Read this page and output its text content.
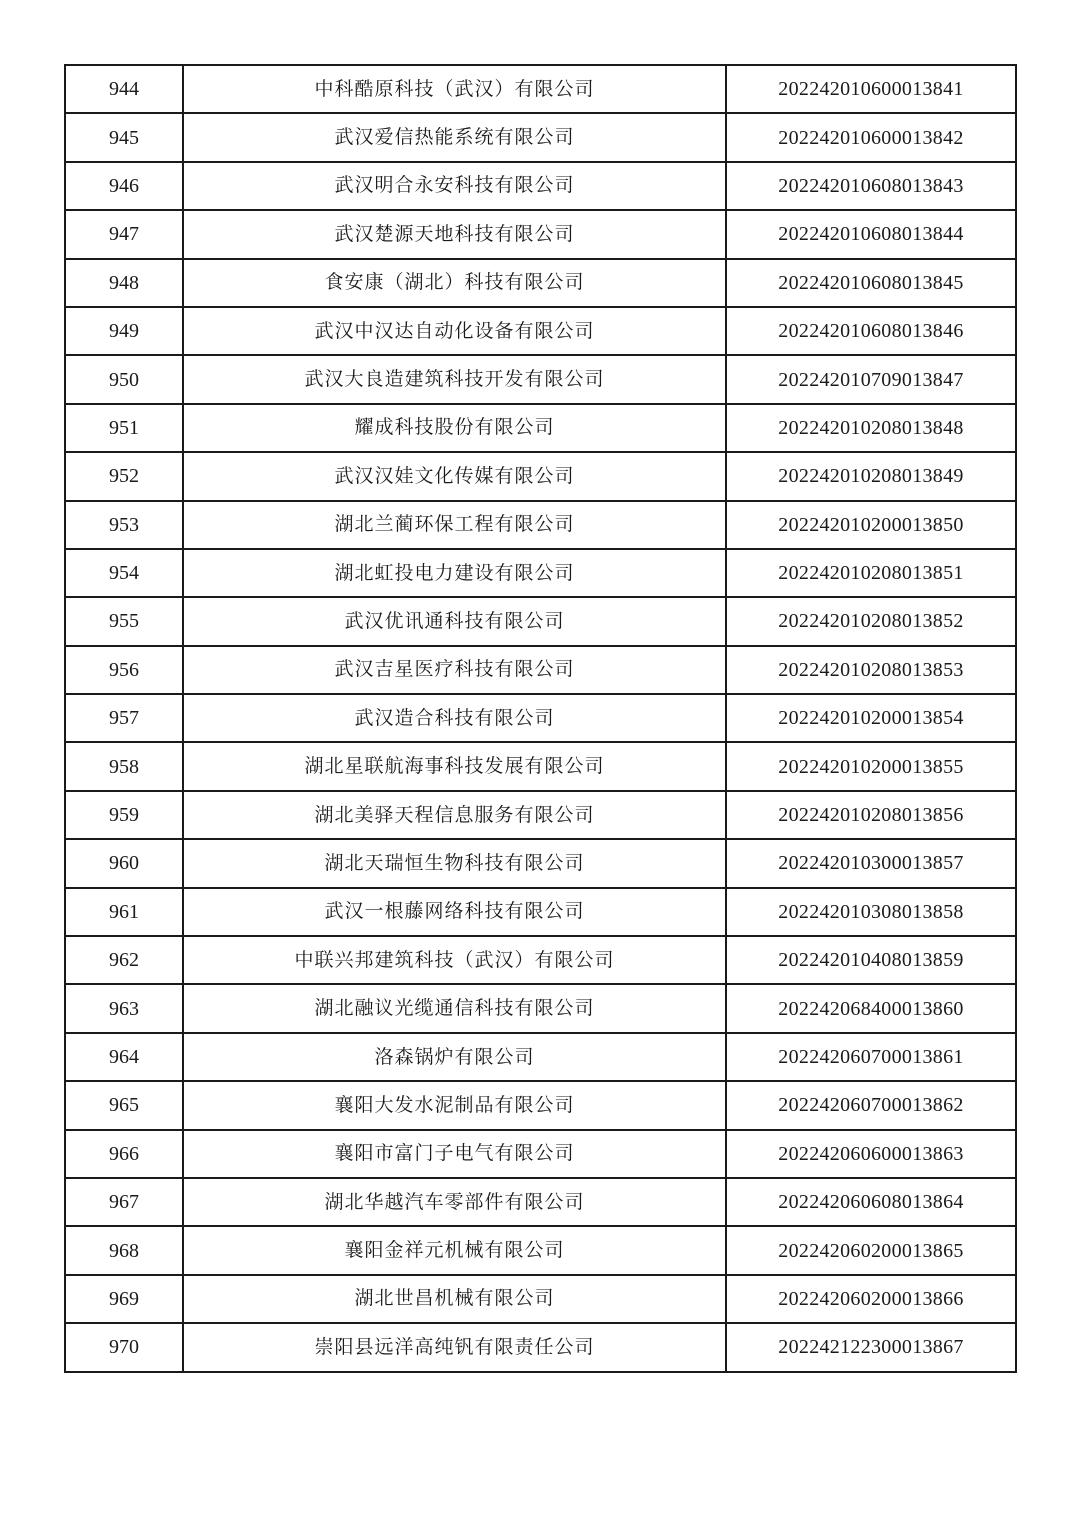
944	中科酷原科技（武汉）有限公司	202242010600013841
945	武汉爱信热能系统有限公司	202242010600013842
946	武汉明合永安科技有限公司	202242010608013843
947	武汉楚源天地科技有限公司	202242010608013844
948	食安康（湖北）科技有限公司	202242010608013845
949	武汉中汉达自动化设备有限公司	202242010608013846
950	武汉大良造建筑科技开发有限公司	202242010709013847
951	耀成科技股份有限公司	202242010208013848
952	武汉汉娃文化传媒有限公司	202242010208013849
953	湖北兰蔺环保工程有限公司	202242010200013850
954	湖北虹投电力建设有限公司	202242010208013851
955	武汉优讯通科技有限公司	202242010208013852
956	武汉吉星医疗科技有限公司	202242010208013853
957	武汉造合科技有限公司	202242010200013854
958	湖北星联航海事科技发展有限公司	202242010200013855
959	湖北美驿天程信息服务有限公司	202242010208013856
960	湖北天瑞恒生物科技有限公司	202242010300013857
961	武汉一根藤网络科技有限公司	202242010308013858
962	中联兴邦建筑科技（武汉）有限公司	202242010408013859
963	湖北融议光缆通信科技有限公司	202242068400013860
964	洛森锅炉有限公司	202242060700013861
965	襄阳大发水泥制品有限公司	202242060700013862
966	襄阳市富门子电气有限公司	202242060600013863
967	湖北华越汽车零部件有限公司	202242060608013864
968	襄阳金祥元机械有限公司	202242060200013865
969	湖北世昌机械有限公司	202242060200013866
970	崇阳县远洋高纯钒有限责任公司	202242122300013867
